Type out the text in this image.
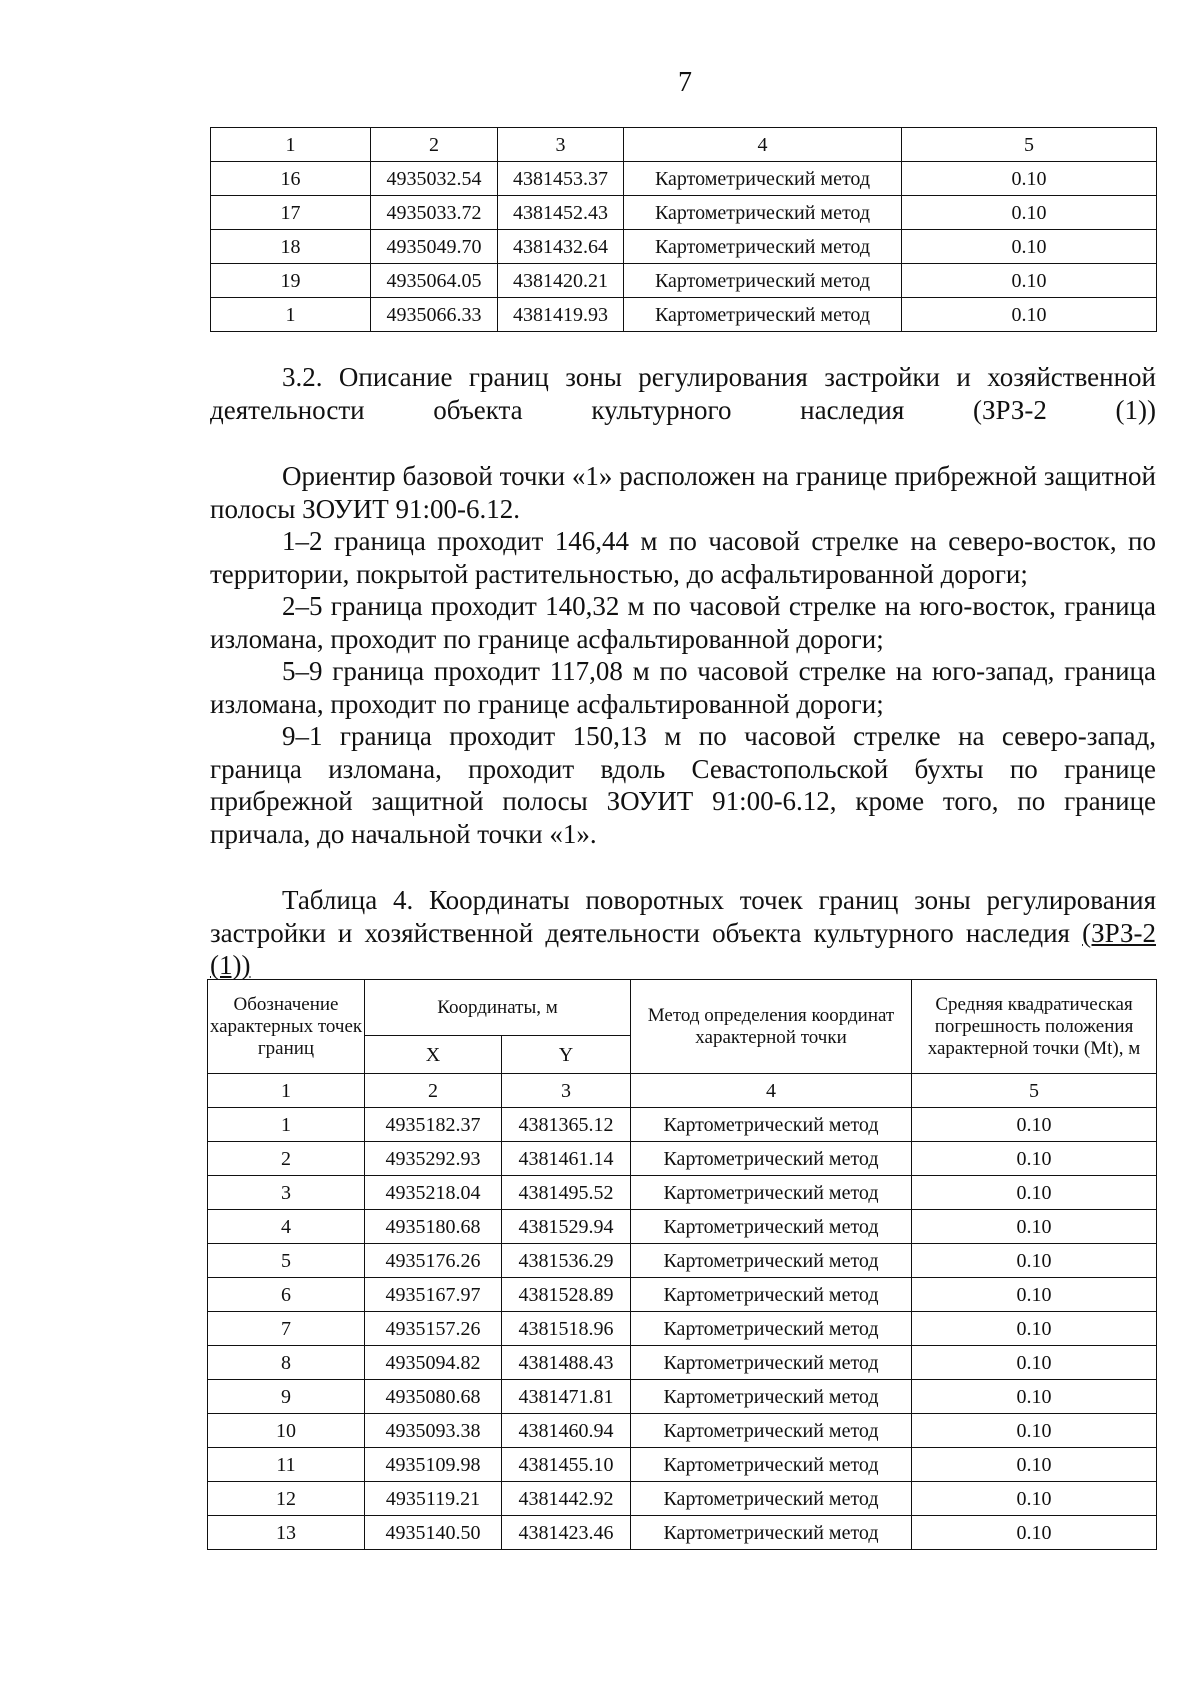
7
1	2	3	4	5
16	4935032.54	4381453.37	Картометрический метод	0.10
17	4935033.72	4381452.43	Картометрический метод	0.10
18	4935049.70	4381432.64	Картометрический метод	0.10
19	4935064.05	4381420.21	Картометрический метод	0.10
1	4935066.33	4381419.93	Картометрический метод	0.10

3.2. Описание границ зоны регулирования застройки и хозяйственной деятельности объекта культурного наследия (ЗРЗ-2 (1))

Ориентир базовой точки «1» расположен на границе прибрежной защитной полосы ЗОУИТ 91:00-6.12.

1–2 граница проходит 146,44 м по часовой стрелке на северо-восток, по территории, покрытой растительностью, до асфальтированной дороги;

2–5 граница проходит 140,32 м по часовой стрелке на юго-восток, граница изломана, проходит по границе асфальтированной дороги;

5–9 граница проходит 117,08 м по часовой стрелке на юго-запад, граница изломана, проходит по границе асфальтированной дороги;

9–1 граница проходит 150,13 м по часовой стрелке на северо-запад, граница изломана, проходит вдоль Севастопольской бухты по границе прибрежной защитной полосы ЗОУИТ 91:00-6.12, кроме того, по границе причала, до начальной точки «1».

Таблица 4. Координаты поворотных точек границ зоны регулирования застройки и хозяйственной деятельности объекта культурного наследия (ЗРЗ-2 (1))

Обозначение характерных точек границ	Координаты, м		Метод определения координат характерной точки	Средняя квадратическая погрешность положения характерной точки (Mt), м
	X	Y		
1	2	3	4	5
1	4935182.37	4381365.12	Картометрический метод	0.10
2	4935292.93	4381461.14	Картометрический метод	0.10
3	4935218.04	4381495.52	Картометрический метод	0.10
4	4935180.68	4381529.94	Картометрический метод	0.10
5	4935176.26	4381536.29	Картометрический метод	0.10
6	4935167.97	4381528.89	Картометрический метод	0.10
7	4935157.26	4381518.96	Картометрический метод	0.10
8	4935094.82	4381488.43	Картометрический метод	0.10
9	4935080.68	4381471.81	Картометрический метод	0.10
10	4935093.38	4381460.94	Картометрический метод	0.10
11	4935109.98	4381455.10	Картометрический метод	0.10
12	4935119.21	4381442.92	Картометрический метод	0.10
13	4935140.50	4381423.46	Картометрический метод	0.10
